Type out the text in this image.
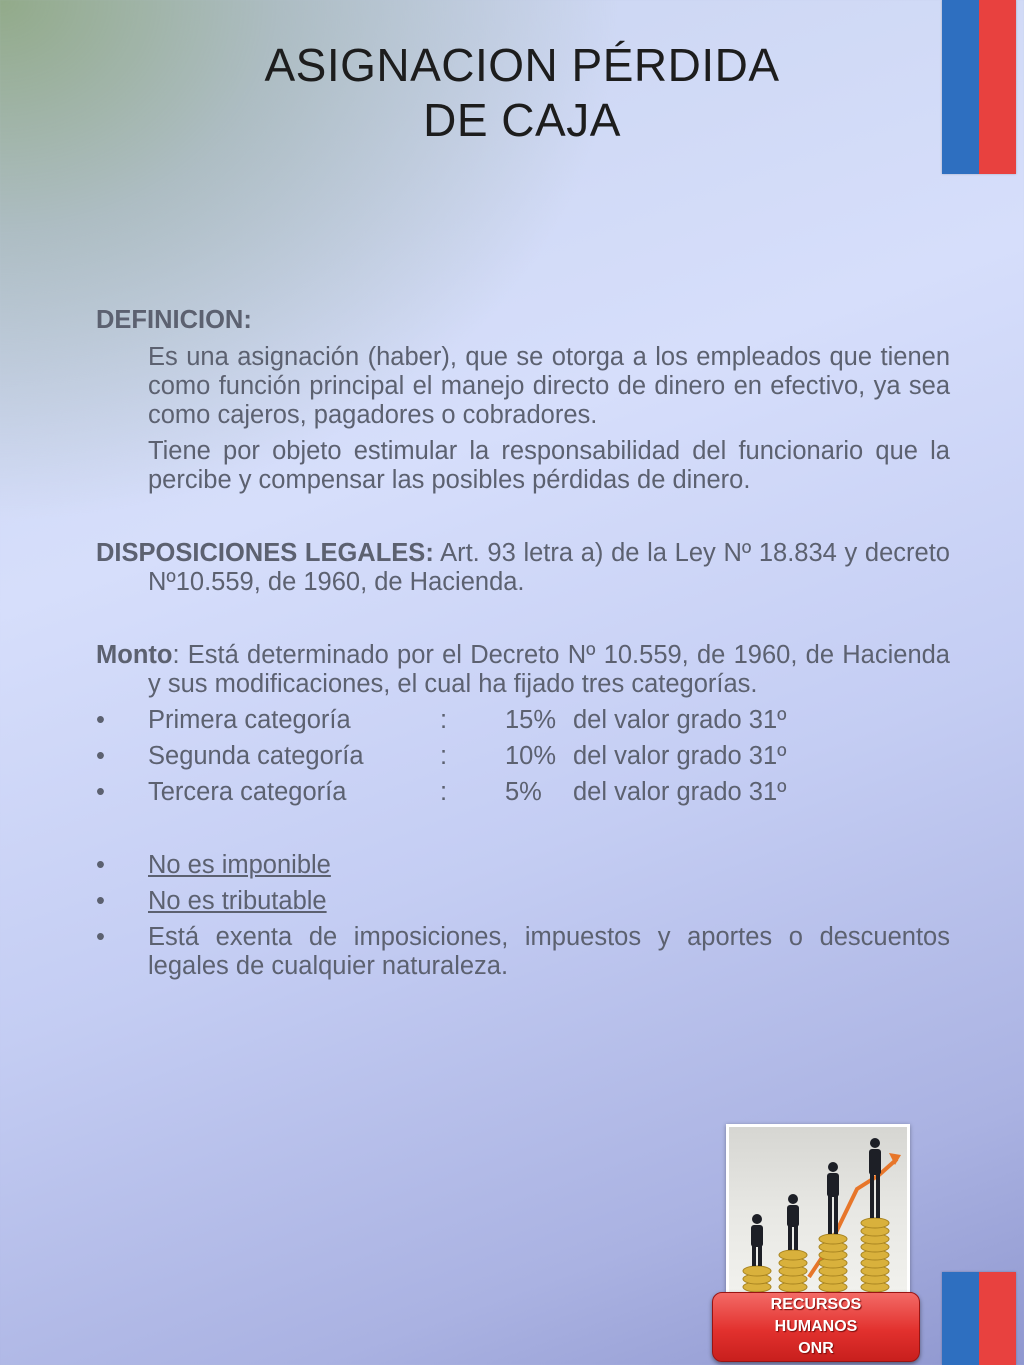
ASIGNACION PÉRDIDA
DE CAJA

DEFINICION:

Es una asignación (haber), que se otorga a los empleados que tienen como función principal el manejo directo de dinero en efectivo, ya sea como cajeros, pagadores o cobradores.

Tiene por objeto estimular la responsabilidad del funcionario que la percibe y compensar las posibles pérdidas de dinero.

DISPOSICIONES LEGALES: Art. 93 letra a) de la Ley Nº 18.834 y decreto Nº10.559, de 1960, de Hacienda.

Monto: Está determinado por el Decreto Nº 10.559, de 1960, de Hacienda y sus modificaciones, el cual ha fijado tres categorías.

•	Primera categoría	:	15% del valor grado 31º
•	Segunda categoría	:	10% del valor grado 31º
•	Tercera categoría	:	5%	del valor grado 31º
•	No es imponible
•	No es tributable
•	Está exenta de imposiciones, impuestos y aportes o descuentos legales de cualquier naturaleza.
RECURSOS
HUMANOS
ONR
